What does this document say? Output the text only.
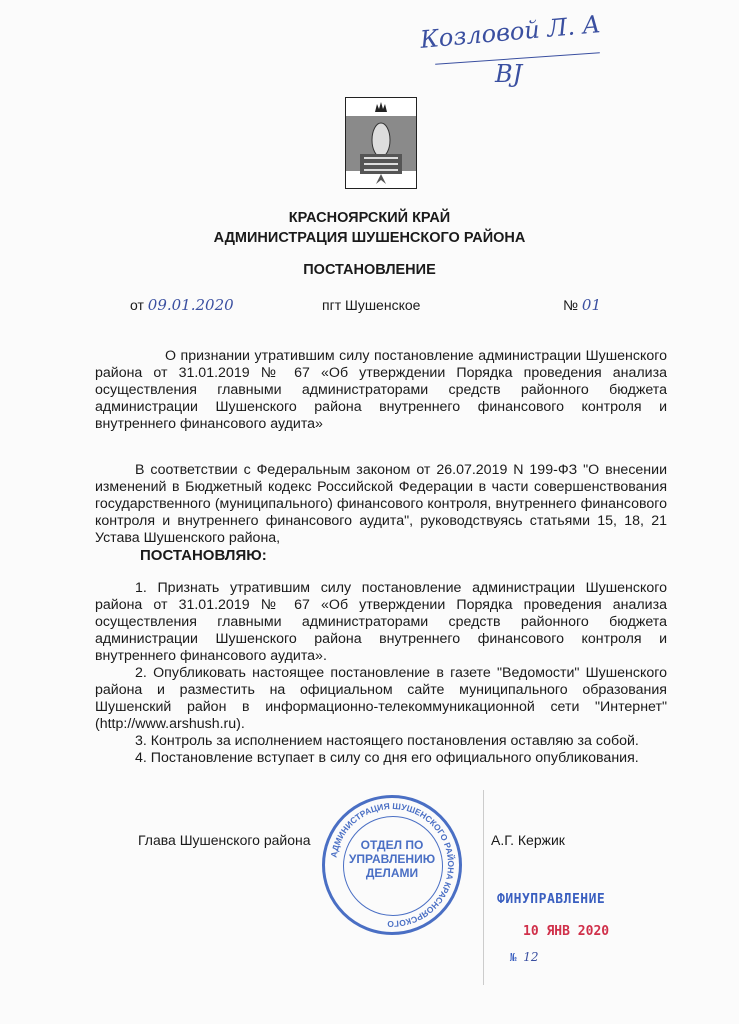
Козловой Л. А
ВЈ
КРАСНОЯРСКИЙ КРАЙ
АДМИНИСТРАЦИЯ ШУШЕНСКОГО РАЙОНА
ПОСТАНОВЛЕНИЕ
от 09.01.2020	пгт Шушенское	№ 01

О признании утратившим силу постановление администрации Шушенского района от 31.01.2019 № 67 «Об утверждении Порядка проведения анализа осуществления главными администраторами средств районного бюджета администрации Шушенского района внутреннего финансового контроля и внутреннего финансового аудита»

В соответствии с Федеральным законом от 26.07.2019 N 199-ФЗ "О внесении изменений в Бюджетный кодекс Российской Федерации в части совершенствования государственного (муниципального) финансового контроля, внутреннего финансового контроля и внутреннего финансового аудита", руководствуясь статьями 15, 18, 21 Устава Шушенского района,

ПОСТАНОВЛЯЮ:

1. Признать утратившим силу постановление администрации Шушенского района от 31.01.2019 № 67 «Об утверждении Порядка проведения анализа осуществления главными администраторами средств районного бюджета администрации Шушенского района внутреннего финансового контроля и внутреннего финансового аудита».

2. Опубликовать настоящее постановление в газете "Ведомости" Шушенского района и разместить на официальном сайте муниципального образования Шушенский район в информационно-телекоммуникационной сети "Интернет" (http://www.arshush.ru).

3. Контроль за исполнением настоящего постановления оставляю за собой.

4. Постановление вступает в силу со дня его официального опубликования.

Глава Шушенского района	А.Г. Кержик
АДМИНИСТРАЦИЯ ШУШЕНСКОГО РАЙОНА КРАСНОЯРСКОГО
ОТДЕЛ ПО
УПРАВЛЕНИЮ
ДЕЛАМИ
ФИНУПРАВЛЕНИЕ
10 ЯНВ 2020
№ 12
